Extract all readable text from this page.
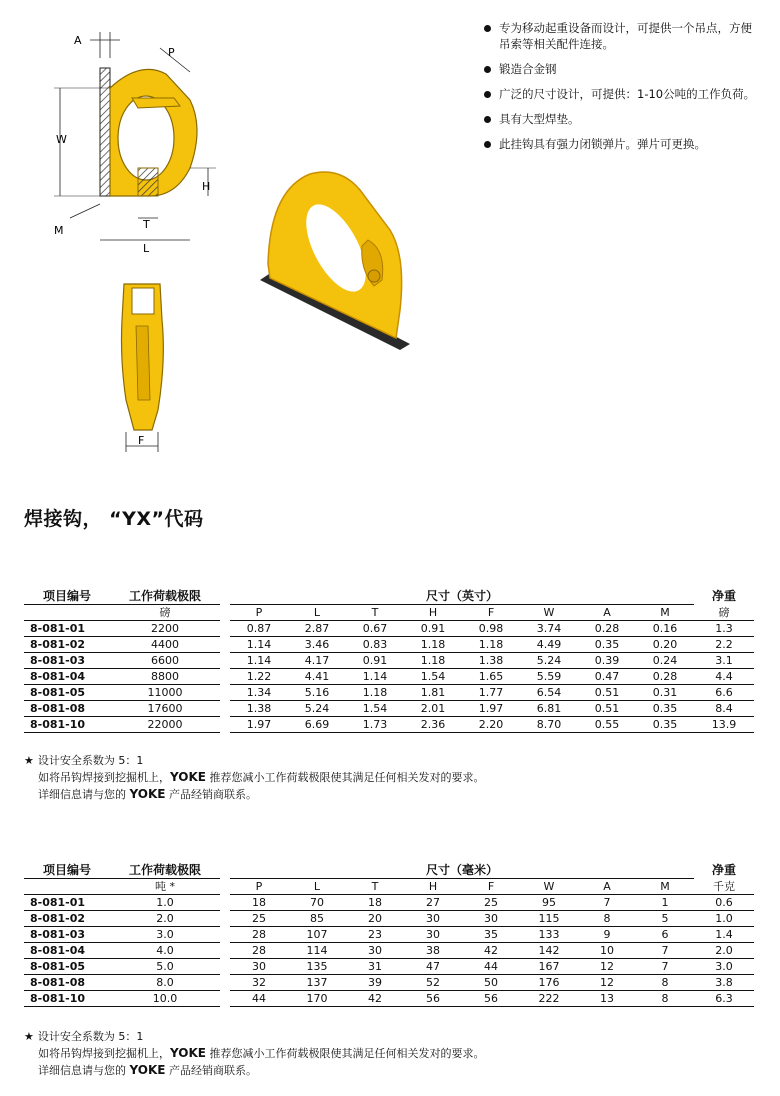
A
W
P
H
T
L
M
F
专为移动起重设备而设计，可提供一个吊点，方便吊索等相关配件连接。
锻造合金钢
广泛的尺寸设计，可提供：1-10公吨的工作负荷。
具有大型焊垫。
此挂钩具有强力闭锁弹片。弹片可更换。
焊接钩， “YX”代码
项目编号	工作荷载极限		尺寸（英寸）								净重
	磅		P	L	T	H	F	W	A	M	磅
8-081-01	2200		0.87	2.87	0.67	0.91	0.98	3.74	0.28	0.16	1.3
8-081-02	4400		1.14	3.46	0.83	1.18	1.18	4.49	0.35	0.20	2.2
8-081-03	6600		1.14	4.17	0.91	1.18	1.38	5.24	0.39	0.24	3.1
8-081-04	8800		1.22	4.41	1.14	1.54	1.65	5.59	0.47	0.28	4.4
8-081-05	11000		1.34	5.16	1.18	1.81	1.77	6.54	0.51	0.31	6.6
8-081-08	17600		1.38	5.24	1.54	2.01	1.97	6.81	0.51	0.35	8.4
8-081-10	22000		1.97	6.69	1.73	2.36	2.20	8.70	0.55	0.35	13.9
★ 设计安全系数为 5：1
如将吊钩焊接到挖掘机上，YOKE 推荐您减小工作荷载极限使其满足任何相关发对的要求。
详细信息请与您的 YOKE 产品经销商联系。
项目编号	工作荷载极限		尺寸（毫米）								净重
	吨 *		P	L	T	H	F	W	A	M	千克
8-081-01	1.0		18	70	18	27	25	95	7	1	0.6
8-081-02	2.0		25	85	20	30	30	115	8	5	1.0
8-081-03	3.0		28	107	23	30	35	133	9	6	1.4
8-081-04	4.0		28	114	30	38	42	142	10	7	2.0
8-081-05	5.0		30	135	31	47	44	167	12	7	3.0
8-081-08	8.0		32	137	39	52	50	176	12	8	3.8
8-081-10	10.0		44	170	42	56	56	222	13	8	6.3
★ 设计安全系数为 5：1
如将吊钩焊接到挖掘机上，YOKE 推荐您减小工作荷载极限使其满足任何相关发对的要求。
详细信息请与您的 YOKE 产品经销商联系。
